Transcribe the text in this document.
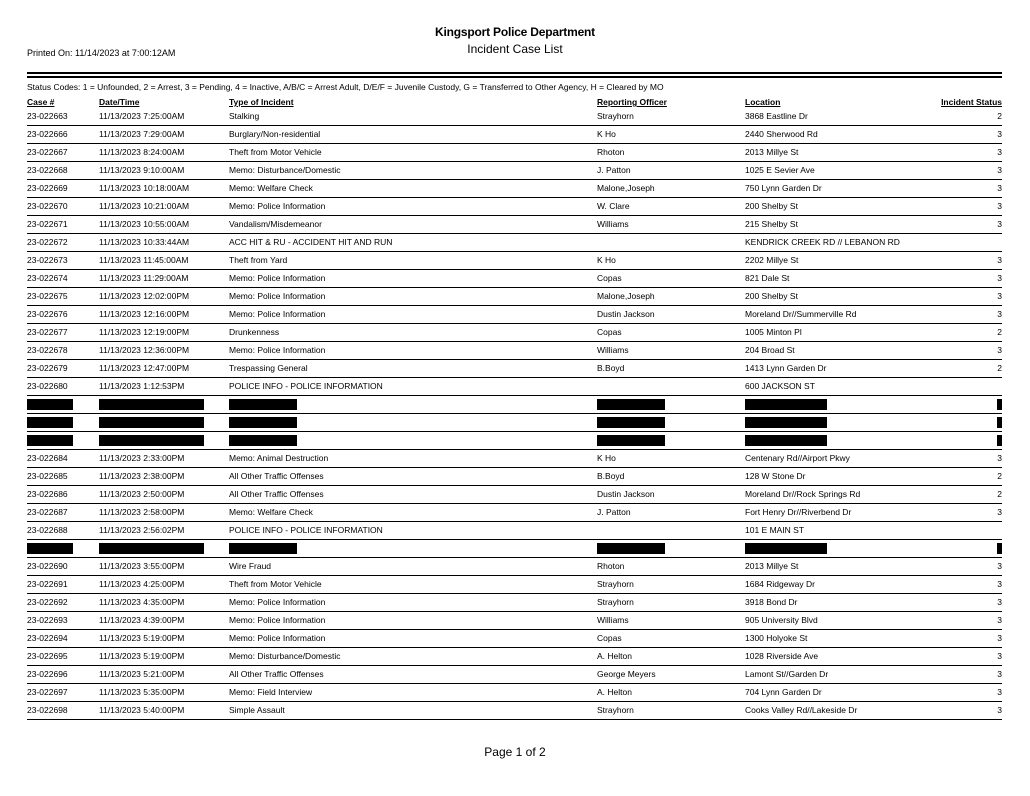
Printed On: 11/14/2023 at 7:00:12AM
Kingsport Police Department
Incident Case List
Status Codes: 1 = Unfounded, 2 = Arrest, 3 = Pending, 4 = Inactive, A/B/C = Arrest Adult, D/E/F = Juvenile Custody, G = Transferred to Other Agency, H = Cleared by MO
Case #	Date/Time	Type of Incident	Reporting Officer	Location	Incident Status
23-022663	11/13/2023 7:25:00AM	Stalking	Strayhorn	3868 Eastline Dr	2
23-022666	11/13/2023 7:29:00AM	Burglary/Non-residential	K Ho	2440 Sherwood Rd	3
23-022667	11/13/2023 8:24:00AM	Theft from Motor Vehicle	Rhoton	2013 Millye St	3
23-022668	11/13/2023 9:10:00AM	Memo: Disturbance/Domestic	J. Patton	1025 E Sevier Ave	3
23-022669	11/13/2023 10:18:00AM	Memo: Welfare Check	Malone,Joseph	750 Lynn Garden Dr	3
23-022670	11/13/2023 10:21:00AM	Memo: Police Information	W. Clare	200 Shelby St	3
23-022671	11/13/2023 10:55:00AM	Vandalism/Misdemeanor	Williams	215 Shelby St	3
23-022672	11/13/2023 10:33:44AM	ACC HIT & RU - ACCIDENT HIT AND RUN		KENDRICK CREEK RD // LEBANON RD	
23-022673	11/13/2023 11:45:00AM	Theft from Yard	K Ho	2202 Millye St	3
23-022674	11/13/2023 11:29:00AM	Memo: Police Information	Copas	821 Dale St	3
23-022675	11/13/2023 12:02:00PM	Memo: Police Information	Malone,Joseph	200 Shelby St	3
23-022676	11/13/2023 12:16:00PM	Memo: Police Information	Dustin Jackson	Moreland Dr//Summerville Rd	3
23-022677	11/13/2023 12:19:00PM	Drunkenness	Copas	1005 Minton Pl	2
23-022678	11/13/2023 12:36:00PM	Memo: Police Information	Williams	204 Broad St	3
23-022679	11/13/2023 12:47:00PM	Trespassing General	B.Boyd	1413 Lynn Garden Dr	2
23-022680	11/13/2023 1:12:53PM	POLICE INFO - POLICE INFORMATION		600 JACKSON ST	

23-022684	11/13/2023 2:33:00PM	Memo: Animal Destruction	K Ho	Centenary Rd//Airport Pkwy	3
23-022685	11/13/2023 2:38:00PM	All Other Traffic Offenses	B.Boyd	128 W Stone Dr	2
23-022686	11/13/2023 2:50:00PM	All Other Traffic Offenses	Dustin Jackson	Moreland Dr//Rock Springs Rd	2
23-022687	11/13/2023 2:58:00PM	Memo: Welfare Check	J. Patton	Fort Henry Dr//Riverbend Dr	3
23-022688	11/13/2023 2:56:02PM	POLICE INFO - POLICE INFORMATION		101 E MAIN ST	

23-022690	11/13/2023 3:55:00PM	Wire Fraud	Rhoton	2013 Millye St	3
23-022691	11/13/2023 4:25:00PM	Theft from Motor Vehicle	Strayhorn	1684 Ridgeway Dr	3
23-022692	11/13/2023 4:35:00PM	Memo: Police Information	Strayhorn	3918 Bond Dr	3
23-022693	11/13/2023 4:39:00PM	Memo: Police Information	Williams	905 University Blvd	3
23-022694	11/13/2023 5:19:00PM	Memo: Police Information	Copas	1300 Holyoke St	3
23-022695	11/13/2023 5:19:00PM	Memo: Disturbance/Domestic	A. Helton	1028 Riverside Ave	3
23-022696	11/13/2023 5:21:00PM	All Other Traffic Offenses	George Meyers	Lamont St//Garden Dr	3
23-022697	11/13/2023 5:35:00PM	Memo: Field Interview	A. Helton	704 Lynn Garden Dr	3
23-022698	11/13/2023 5:40:00PM	Simple Assault	Strayhorn	Cooks Valley Rd//Lakeside Dr	3
Page 1 of 2
